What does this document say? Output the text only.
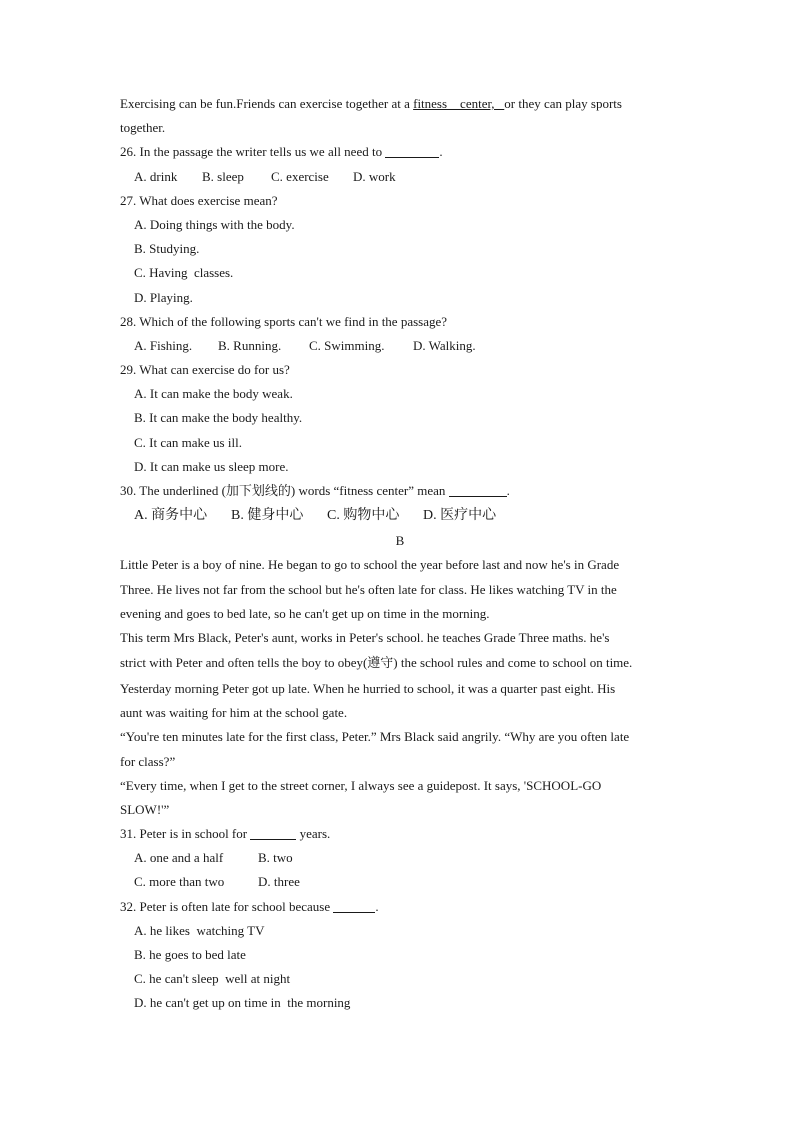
Exercising can be fun.Friends can exercise together at a fitness    center,   or they can play sports
together.
26. In the passage the writer tells us we all need to	.
A. drink B. sleep C. exercise D. work
27. What does exercise mean?
A. Doing things with the body.
B. Studying.
C. Having  classes.
D. Playing.
28. Which of the following sports can't we find in the passage?
A. Fishing. B. Running. C. Swimming. D. Walking.
29. What can exercise do for us?
A. It can make the body weak.
B. It can make the body healthy.
C. It can make us ill.
D. It can make us sleep more.
30. The underlined (加下划线的) words “fitness center” mean	.
A. 商务中心 B. 健身中心 C. 购物中心 D. 医疗中心
B
Little Peter is a boy of nine. He began to go to school the year before last and now he's in Grade
Three. He lives not far from the school but he's often late for class. He likes watching TV in the
evening and goes to bed late, so he can't get up on time in the morning.
This term Mrs Black, Peter's aunt, works in Peter's school. he teaches Grade Three maths. he's
strict with Peter and often tells the boy to obey(遵守) the school rules and come to school on time.
Yesterday morning Peter got up late. When he hurried to school, it was a quarter past eight. His
aunt was waiting for him at the school gate.
“You're ten minutes late for the first class, Peter.” Mrs Black said angrily. “Why are you often late
for class?”
“Every time, when I get to the street corner, I always see a guidepost. It says, 'SCHOOL-GO
SLOW!'”
31. Peter is in school for	years.
A. one and a half	B. two
C. more than two	D. three
32. Peter is often late for school because	.
A. he likes  watching TV
B. he goes to bed late
C. he can't sleep  well at night
D. he can't get up on time in  the morning
